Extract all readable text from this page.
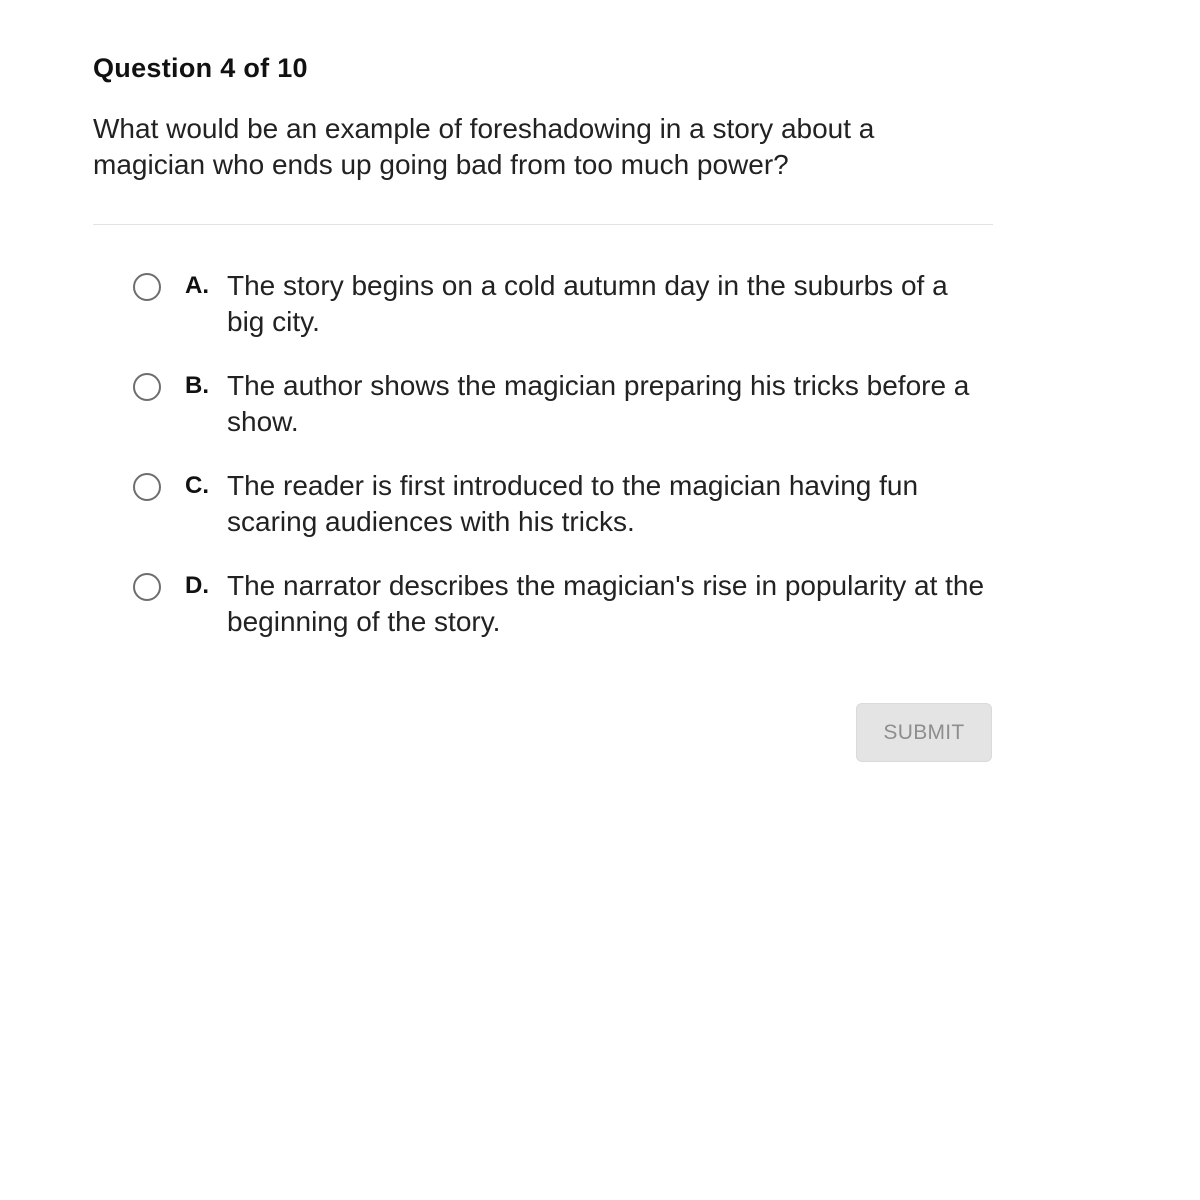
Question 4 of 10
What would be an example of foreshadowing in a story about a magician who ends up going bad from too much power?
A. The story begins on a cold autumn day in the suburbs of a big city.
B. The author shows the magician preparing his tricks before a show.
C. The reader is first introduced to the magician having fun scaring audiences with his tricks.
D. The narrator describes the magician's rise in popularity at the beginning of the story.
SUBMIT
